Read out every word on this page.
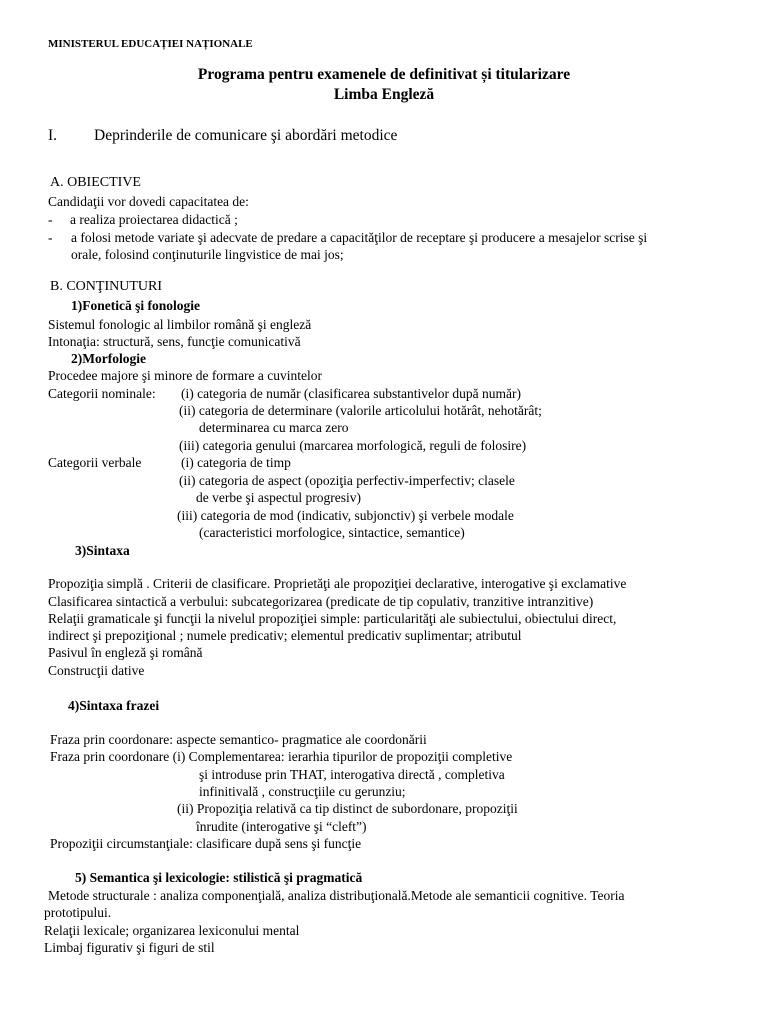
MINISTERUL EDUCAȚIEI NAȚIONALE
Programa pentru examenele de definitivat și titularizare
Limba Engleză
I. Deprinderile de comunicare şi abordări metodice
A. OBIECTIVE
Candidaţii vor dovedi capacitatea de:
- a realiza proiectarea didactică ;
- a folosi metode variate şi adecvate de predare a capacităţilor de receptare şi producere a mesajelor scrise şi
orale, folosind conţinuturile lingvistice de mai jos;
B. CONŢINUTURI
1)Fonetică şi fonologie
Sistemul fonologic al limbilor română şi engleză
Intonaţia: structură, sens, funcţie comunicativă
2)Morfologie
Procedee majore şi minore de formare a cuvintelor
Categorii nominale: (i) categoria de număr (clasificarea substantivelor după număr)
(ii) categoria de determinare (valorile articolului hotărât, nehotărât;
determinarea cu marca zero
(iii) categoria genului (marcarea morfologică, reguli de folosire)
Categorii verbale	(i) categoria de timp
(ii) categoria de aspect (opoziţia perfectiv-imperfectiv; clasele
de verbe şi aspectul progresiv)
(iii) categoria de mod (indicativ, subjonctiv) şi verbele modale
(caracteristici morfologice, sintactice, semantice)
3)Sintaxa
Propoziţia simplă . Criterii de clasificare. Proprietăţi ale propoziţiei declarative, interogative şi exclamative
Clasificarea sintactică a verbului: subcategorizarea (predicate de tip copulativ, tranzitive intranzitive)
Relaţii gramaticale şi funcţii la nivelul propoziţiei simple: particularităţi ale subiectului, obiectului direct,
indirect şi prepoziţional ; numele predicativ; elementul predicativ suplimentar; atributul
Pasivul în engleză şi română
Construcţii dative
4)Sintaxa frazei
Fraza prin coordonare: aspecte semantico- pragmatice ale coordonării
Fraza prin coordonare (i) Complementarea: ierarhia tipurilor de propoziţii completive
şi introduse prin THAT, interogativa directă , completiva
infinitivală , construcţiile cu gerunziu;
(ii) Propoziţia relativă ca tip distinct de subordonare, propoziţii
înrudite (interogative şi “cleft”)
Propoziţii circumstanţiale: clasificare după sens şi funcţie
5) Semantica şi lexicologie: stilistică şi pragmatică
Metode structurale : analiza componenţială, analiza distribuţională.Metode ale semanticii cognitive. Teoria
prototipului.
Relaţii lexicale; organizarea lexiconului mental
Limbaj figurativ şi figuri de stil
